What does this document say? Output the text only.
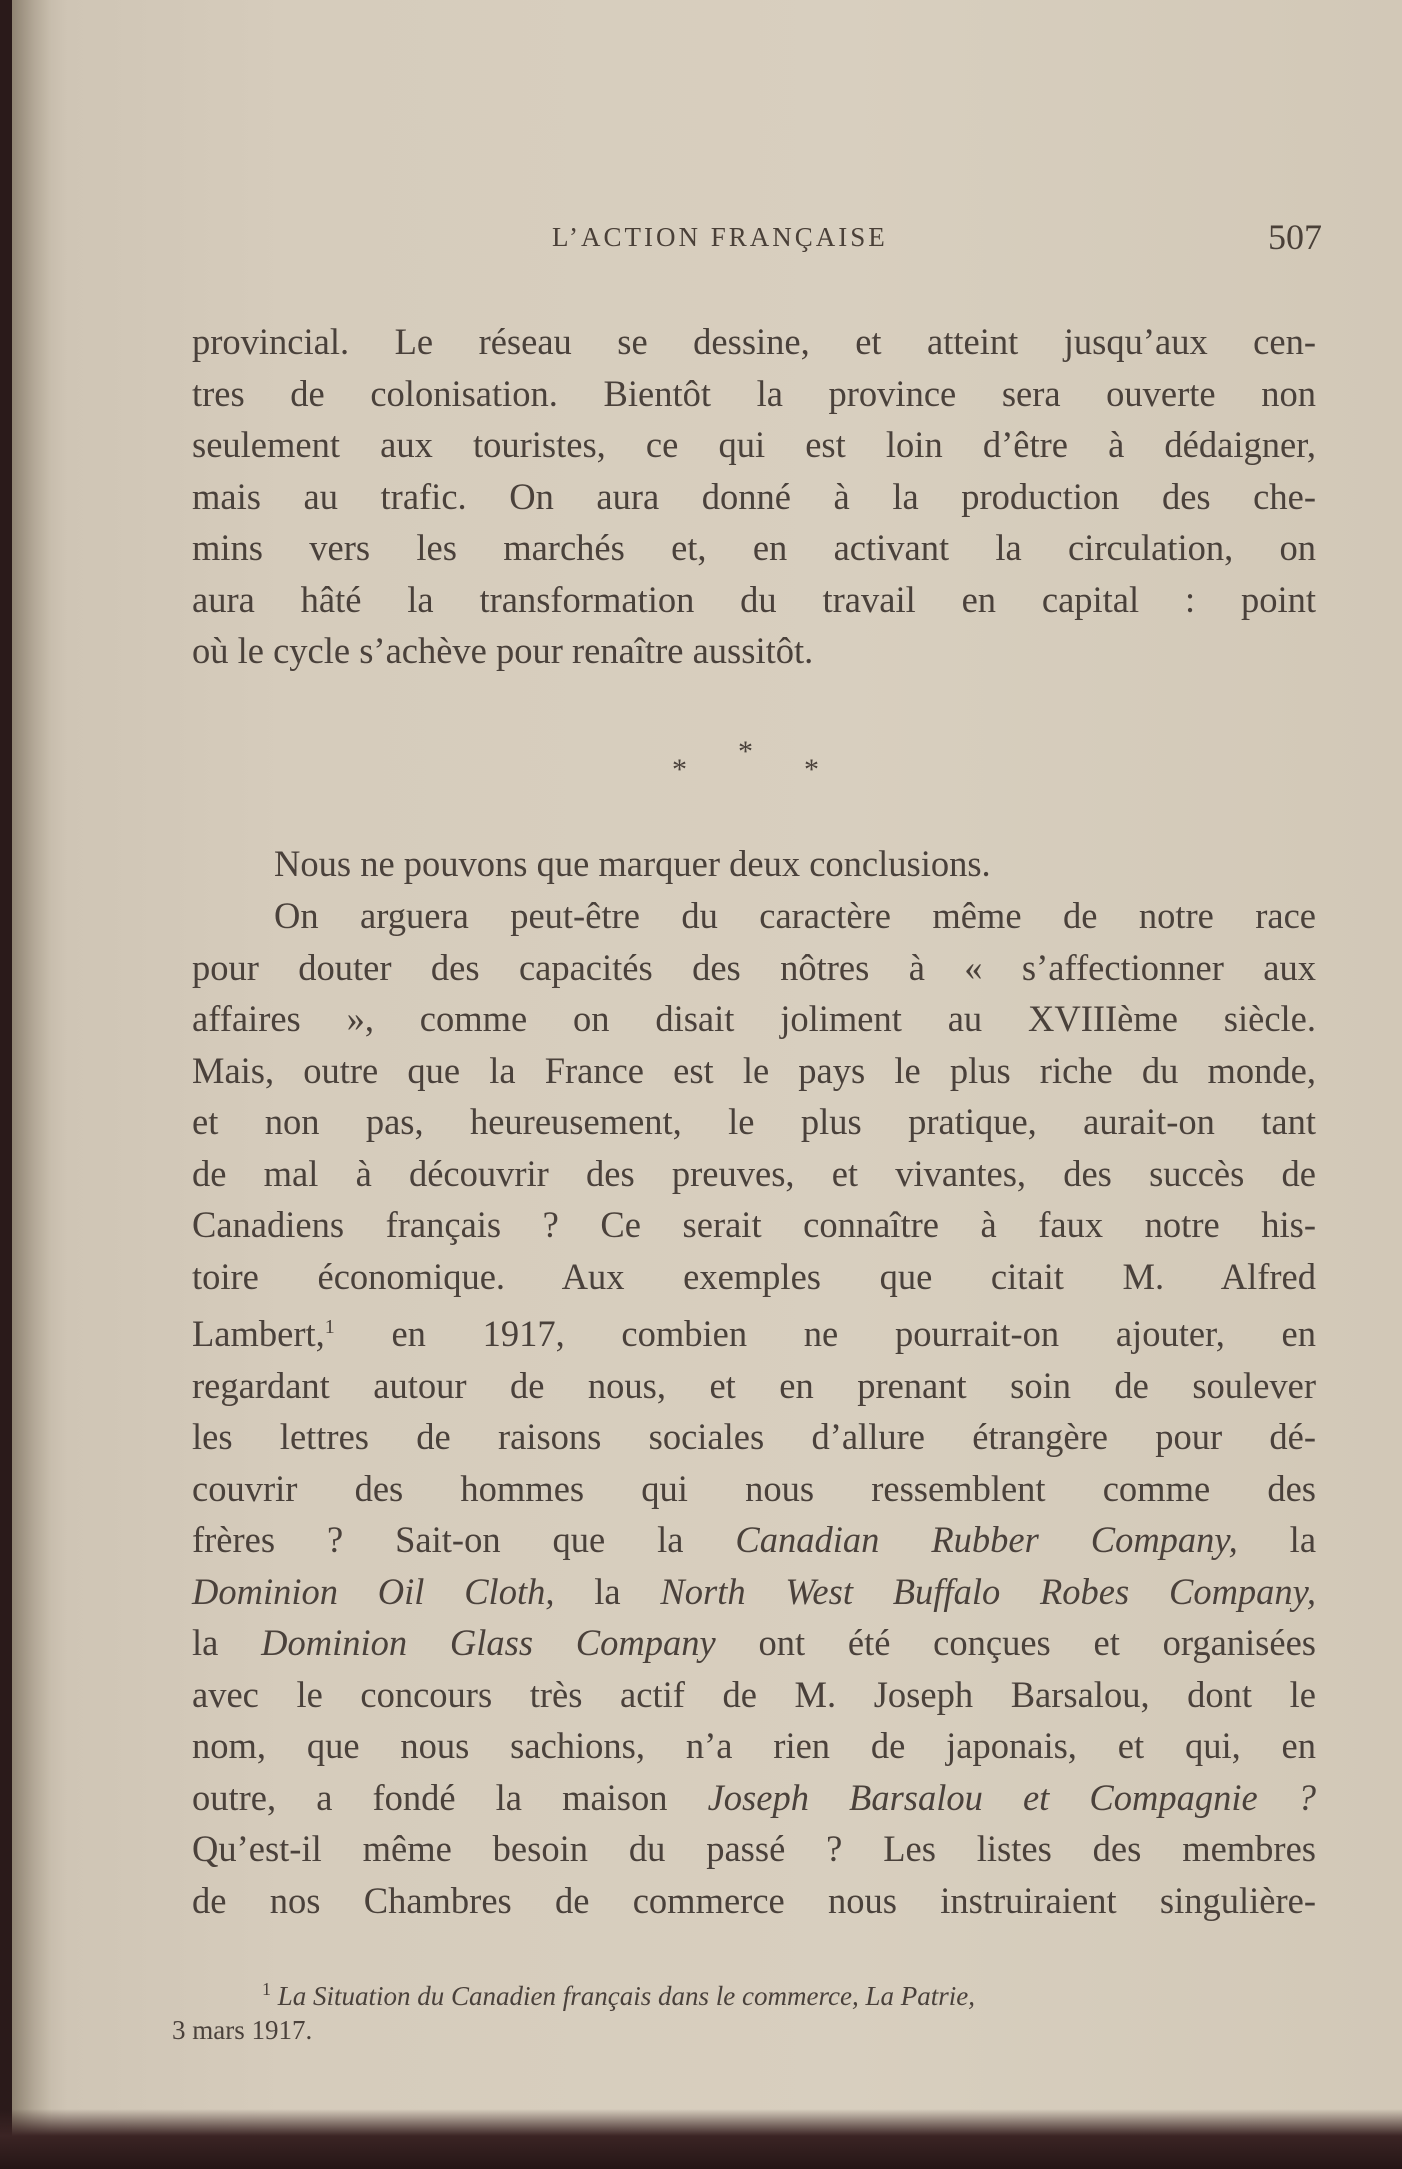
L’ACTION FRANÇAISE	507
provincial. Le réseau se dessine, et atteint jusqu’aux cen-
tres de colonisation. Bientôt la province sera ouverte non
seulement aux touristes, ce qui est loin d’être à dédaigner,
mais au trafic. On aura donné à la production des che-
mins vers les marchés et, en activant la circulation, on
aura hâté la transformation du travail en capital : point
où le cycle s’achève pour renaître aussitôt.
*
*
*
Nous ne pouvons que marquer deux conclusions.
On arguera peut-être du caractère même de notre race
pour douter des capacités des nôtres à « s’affectionner aux
affaires », comme on disait joliment au XVIIIème siècle.
Mais, outre que la France est le pays le plus riche du monde,
et non pas, heureusement, le plus pratique, aurait-on tant
de mal à découvrir des preuves, et vivantes, des succès de
Canadiens français ? Ce serait connaître à faux notre his-
toire économique. Aux exemples que citait M. Alfred
Lambert,$^1$ en 1917, combien ne pourrait-on ajouter, en
regardant autour de nous, et en prenant soin de soulever
les lettres de raisons sociales d’allure étrangère pour dé-
couvrir des hommes qui nous ressemblent comme des
frères ? Sait-on que la Canadian Rubber Company, la
Dominion Oil Cloth, la North West Buffalo Robes Company,
la Dominion Glass Company ont été conçues et organisées
avec le concours très actif de M. Joseph Barsalou, dont le
nom, que nous sachions, n’a rien de japonais, et qui, en
outre, a fondé la maison Joseph Barsalou et Compagnie ?
Qu’est-il même besoin du passé ? Les listes des membres
de nos Chambres de commerce nous instruiraient singulière-
$^1$ La Situation du Canadien français dans le commerce, La Patrie,
3 mars 1917.
